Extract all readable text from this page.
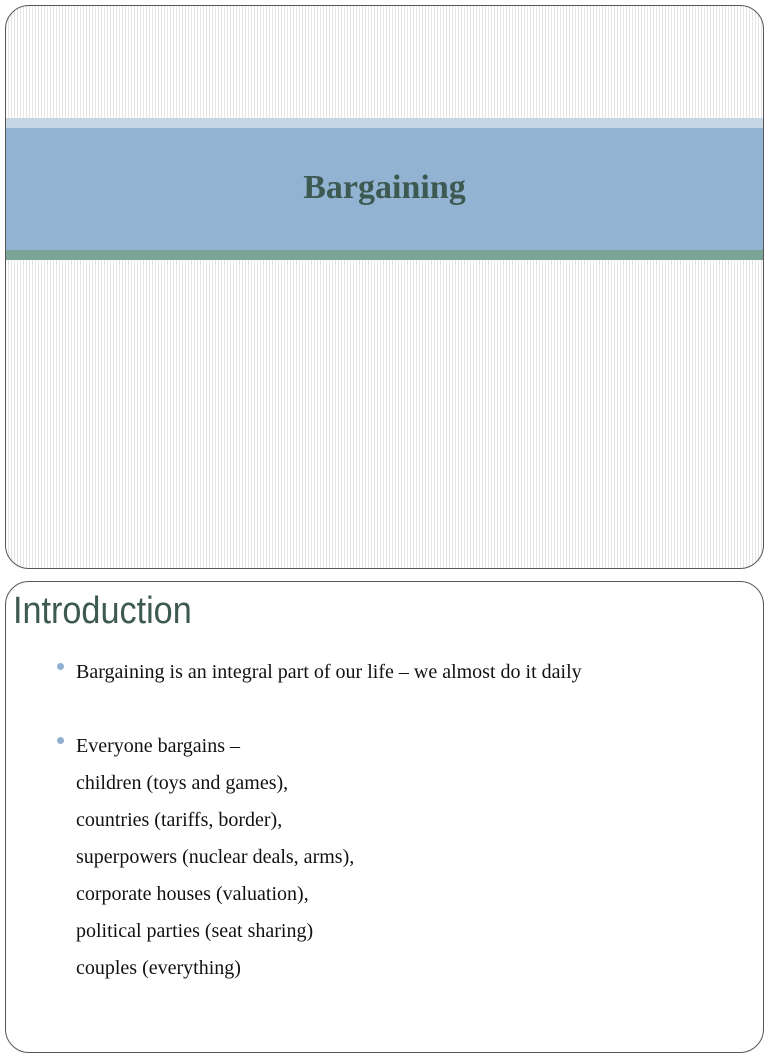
Bargaining
Introduction
Bargaining is an integral part of our life – we almost do it daily
Everyone bargains –
children (toys and games),
countries (tariffs, border),
superpowers (nuclear deals, arms),
corporate houses (valuation),
political parties (seat sharing)
couples (everything)
